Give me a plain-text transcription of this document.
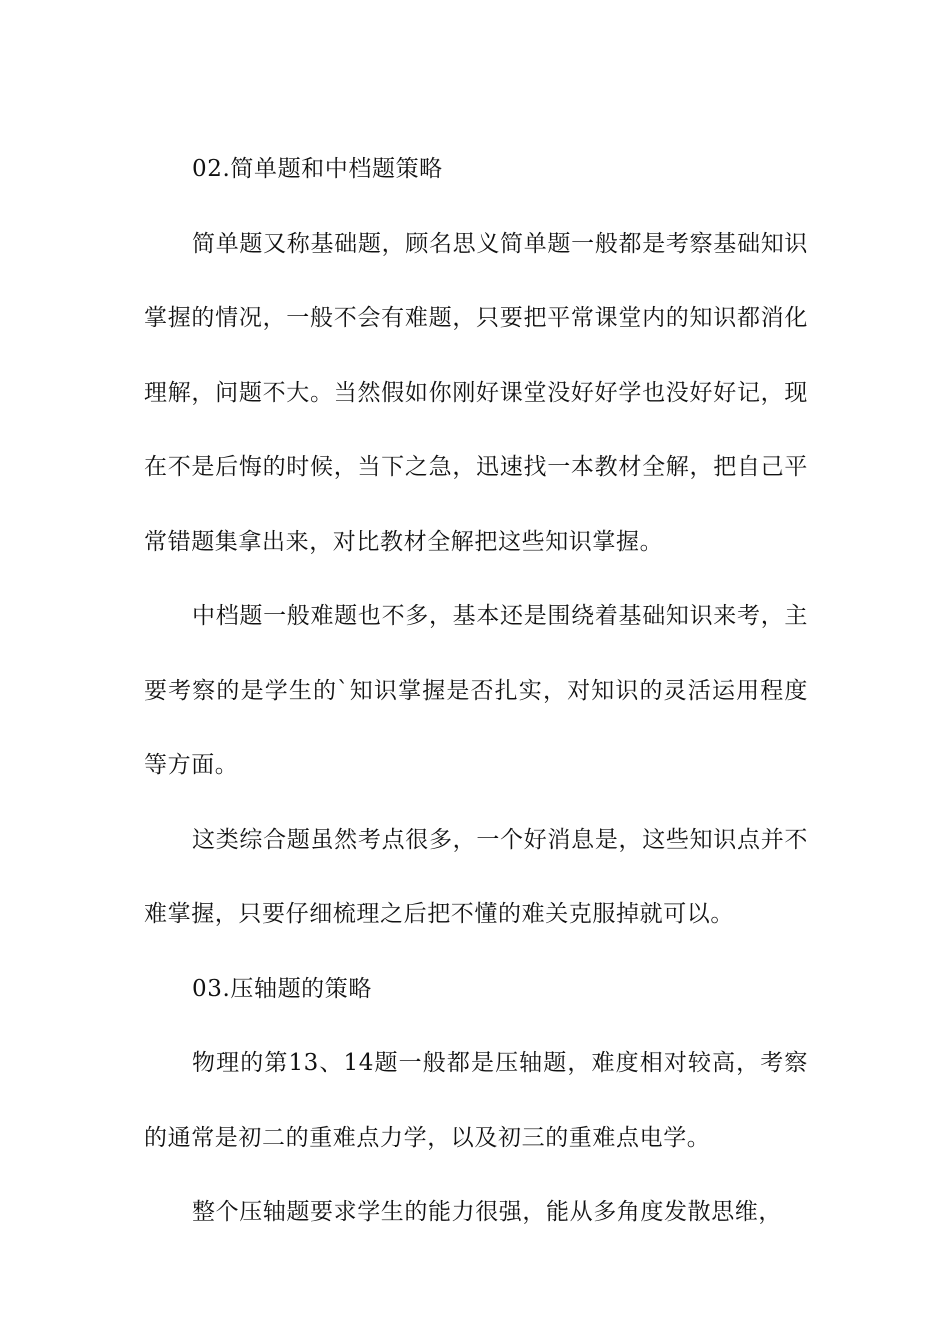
02.简单题和中档题策略

简单题又称基础题，顾名思义简单题一般都是考察基础知识掌握的情况，一般不会有难题，只要把平常课堂内的知识都消化理解，问题不大。当然假如你刚好课堂没好好学也没好好记，现在不是后悔的时候，当下之急，迅速找一本教材全解，把自己平常错题集拿出来，对比教材全解把这些知识掌握。

中档题一般难题也不多，基本还是围绕着基础知识来考，主要考察的是学生的`知识掌握是否扎实，对知识的灵活运用程度等方面。

这类综合题虽然考点很多，一个好消息是，这些知识点并不难掌握，只要仔细梳理之后把不懂的难关克服掉就可以。

03.压轴题的策略

物理的第13、14题一般都是压轴题，难度相对较高，考察的通常是初二的重难点力学，以及初三的重难点电学。

整个压轴题要求学生的能力很强，能从多角度发散思维，
